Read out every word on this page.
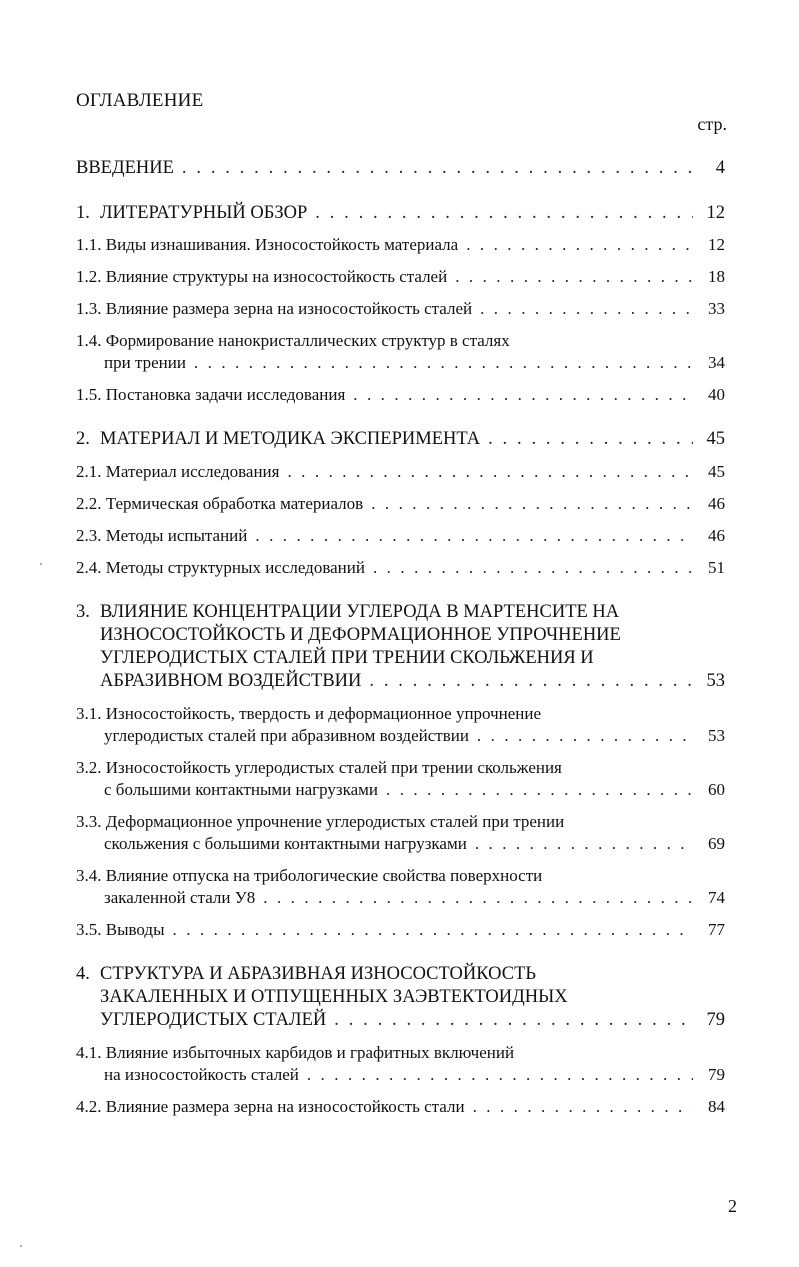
ОГЛАВЛЕНИЕ
стр.
ВВЕДЕНИЕ . . .	4
1. ЛИТЕРАТУРНЫЙ ОБЗОР . . .	12
1.1. Виды изнашивания. Износостойкость материала . . .	12
1.2. Влияние структуры на износостойкость сталей . . .	18
1.3. Влияние размера зерна на износостойкость сталей . . .	33
1.4. Формирование нанокристаллических структур в сталях
при трении . . .	34
1.5. Постановка задачи исследования . . .	40
2. МАТЕРИАЛ И МЕТОДИКА ЭКСПЕРИМЕНТА . . .	45
2.1. Материал исследования . . .	45
2.2. Термическая обработка материалов . . .	46
2.3. Методы испытаний . . .	46
2.4. Методы структурных исследований . . .	51
3. ВЛИЯНИЕ КОНЦЕНТРАЦИИ УГЛЕРОДА В МАРТЕНСИТЕ НА
ИЗНОСОСТОЙКОСТЬ И ДЕФОРМАЦИОННОЕ УПРОЧНЕНИЕ
УГЛЕРОДИСТЫХ СТАЛЕЙ ПРИ ТРЕНИИ СКОЛЬЖЕНИЯ И
АБРАЗИВНОМ ВОЗДЕЙСТВИИ . . .	53
3.1. Износостойкость, твердость и деформационное упрочнение
углеродистых сталей при абразивном воздействии . . .	53
3.2. Износостойкость углеродистых сталей при трении скольжения
с большими контактными нагрузками . . .	60
3.3. Деформационное упрочнение углеродистых сталей при трении
скольжения с большими контактными нагрузками . . .	69
3.4. Влияние отпуска на трибологические свойства поверхности
закаленной стали У8 . . .	74
3.5. Выводы . . .	77
4. СТРУКТУРА И АБРАЗИВНАЯ ИЗНОСОСТОЙКОСТЬ
ЗАКАЛЕННЫХ И ОТПУЩЕННЫХ ЗАЭВТЕКТОИДНЫХ
УГЛЕРОДИСТЫХ СТАЛЕЙ . . .	79
4.1. Влияние избыточных карбидов и графитных включений
на износостойкость сталей . . .	79
4.2. Влияние размера зерна на износостойкость стали . . .	84
2
